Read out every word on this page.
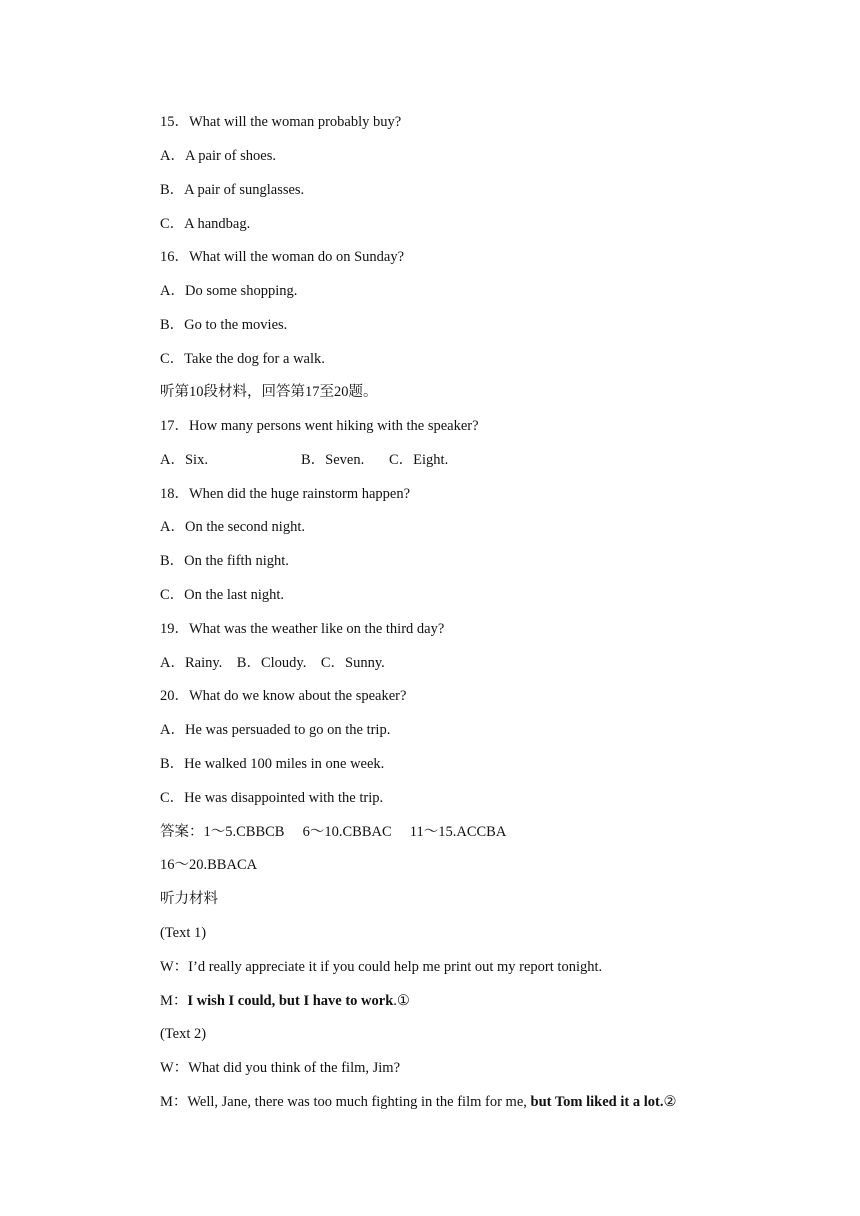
15．What will the woman probably buy?
A．A pair of shoes.
B．A pair of sunglasses.
C．A handbag.
16．What will the woman do on Sunday?
A．Do some shopping.
B．Go to the movies.
C．Take the dog for a walk.
听第10段材料，回答第17至20题。
17．How many persons went hiking with the speaker?
A．Six.	B．Seven. C．Eight.
18．When did the huge rainstorm happen?
A．On the second night.
B．On the fifth night.
C．On the last night.
19．What was the weather like on the third day?
A．Rainy.　B．Cloudy.　C．Sunny.
20．What do we know about the speaker?
A．He was persuaded to go on the trip.
B．He walked 100 miles in one week.
C．He was disappointed with the trip.
答案：1～5.CBBCB　 6～10.CBBAC　 11～15.ACCBA
16～20.BBACA
听力材料
(Text 1)
W：I’d really appreciate it if you could help me print out my report tonight.
M：I wish I could, but I have to work.①
(Text 2)
W：What did you think of the film, Jim?
M：Well, Jane, there was too much fighting in the film for me, but Tom liked it a lot.②
